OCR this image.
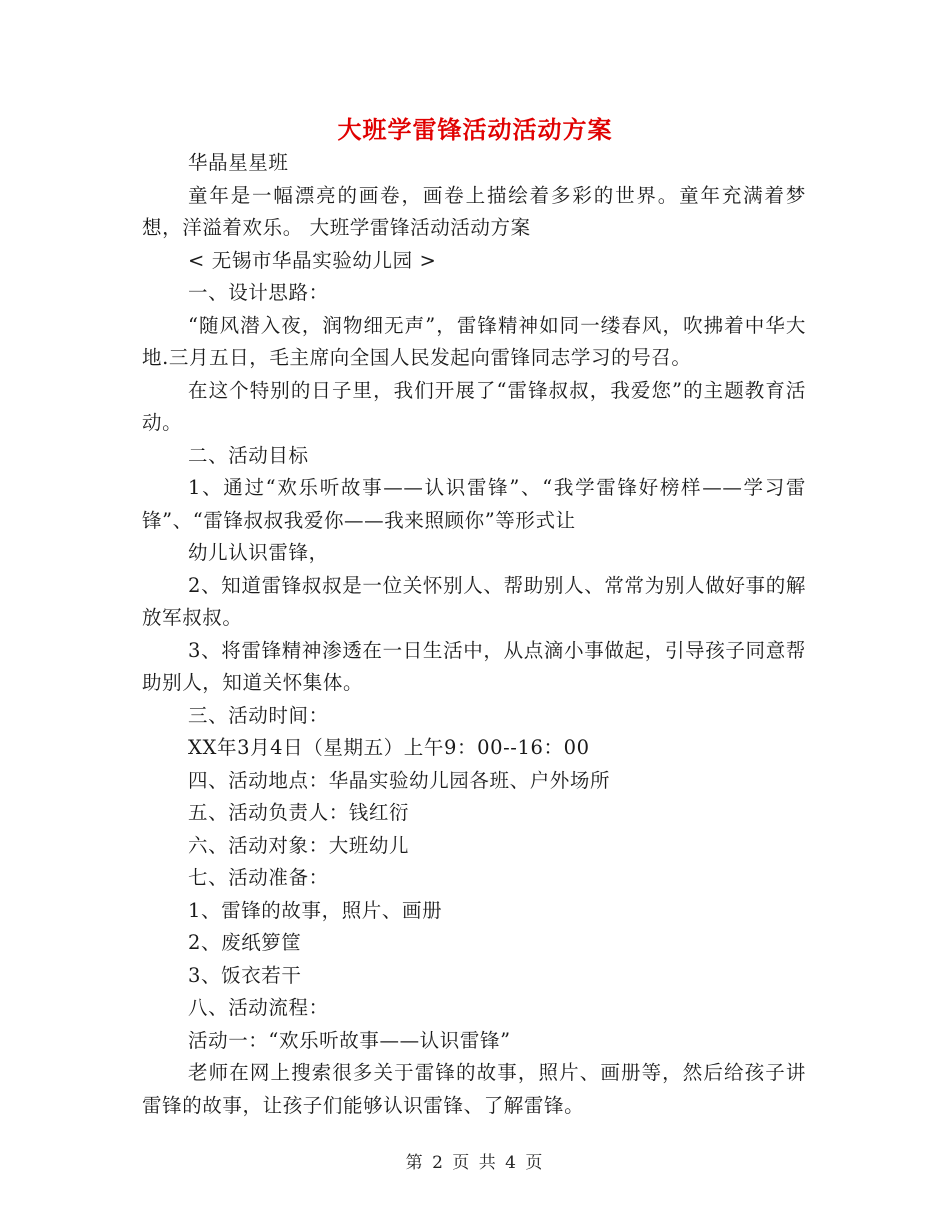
大班学雷锋活动活动方案

华晶星星班

童年是一幅漂亮的画卷，画卷上描绘着多彩的世界。童年充满着梦想，洋溢着欢乐。 大班学雷锋活动活动方案

< 无锡市华晶实验幼儿园 >

一、设计思路：

“随风潜入夜，润物细无声”，雷锋精神如同一缕春风，吹拂着中华大地.三月五日，毛主席向全国人民发起向雷锋同志学习的号召。

在这个特别的日子里，我们开展了“雷锋叔叔，我爱您”的主题教育活动。

二、活动目标

1、通过“欢乐听故事——认识雷锋”、“我学雷锋好榜样——学习雷锋”、“雷锋叔叔我爱你——我来照顾你”等形式让

幼儿认识雷锋，

2、知道雷锋叔叔是一位关怀别人、帮助别人、常常为别人做好事的解放军叔叔。

3、将雷锋精神渗透在一日生活中，从点滴小事做起，引导孩子同意帮助别人，知道关怀集体。

三、活动时间：

XX年3月4日（星期五）上午9：00--16：00

四、活动地点：华晶实验幼儿园各班、户外场所

五、活动负责人：钱红衍

六、活动对象：大班幼儿

七、活动准备：

1、雷锋的故事，照片、画册

2、废纸箩筐

3、饭衣若干

八、活动流程：

活动一：“欢乐听故事——认识雷锋”

老师在网上搜索很多关于雷锋的故事，照片、画册等，然后给孩子讲雷锋的故事，让孩子们能够认识雷锋、了解雷锋。

第 2 页 共 4 页
